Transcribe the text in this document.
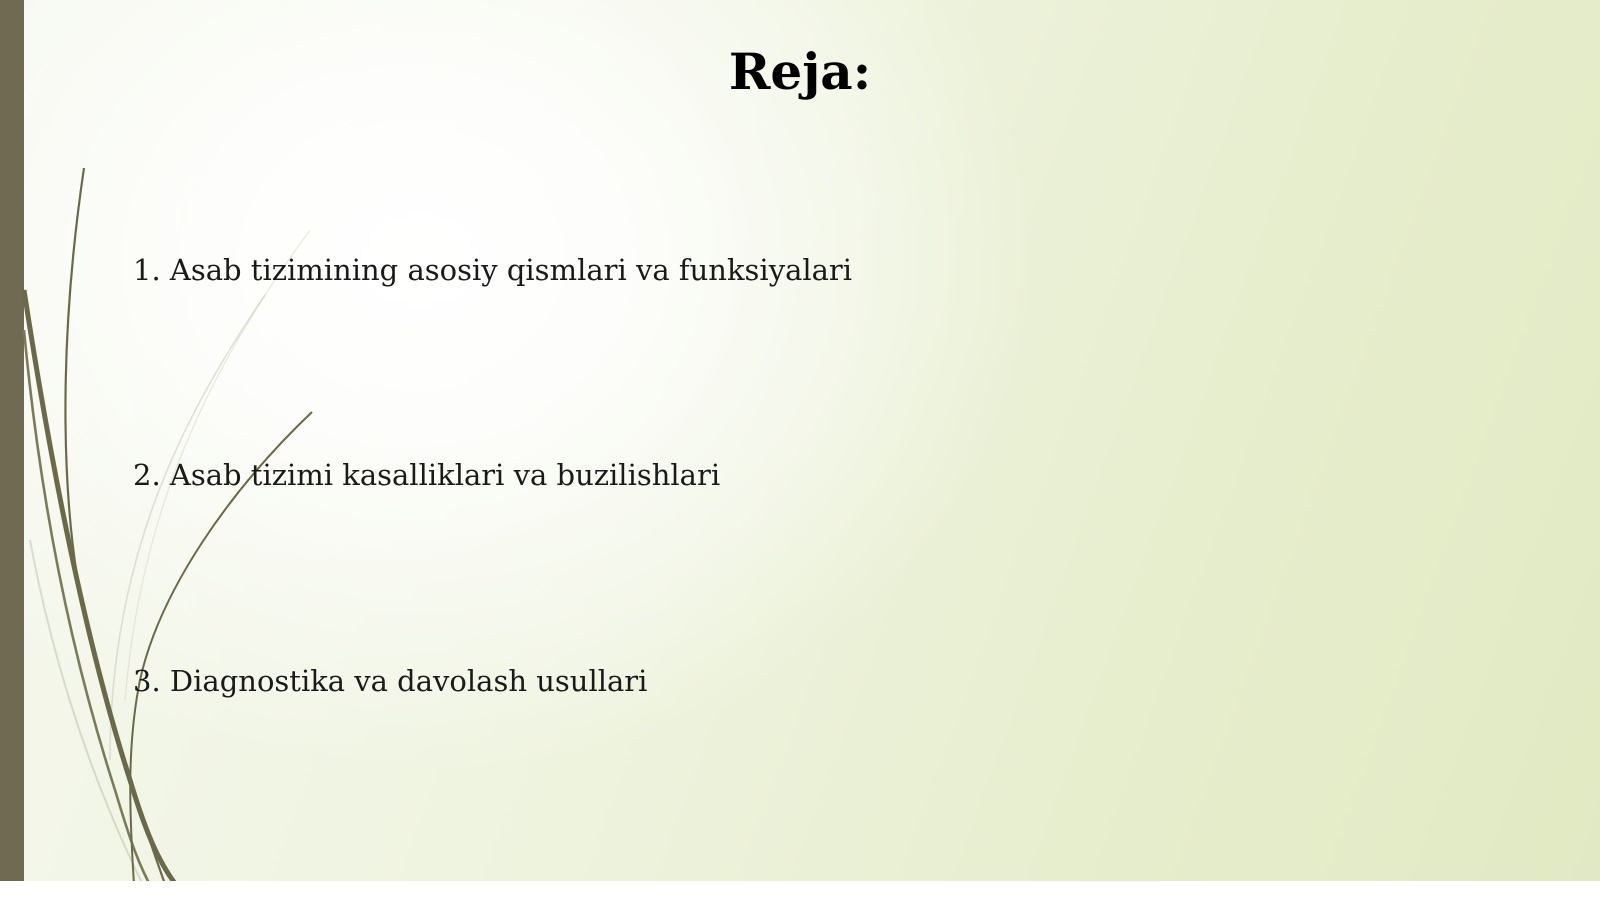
Reja:
1. Asab tizimining asosiy qismlari va funksiyalari
2. Asab tizimi kasalliklari va buzilishlari
3. Diagnostika va davolash usullari
